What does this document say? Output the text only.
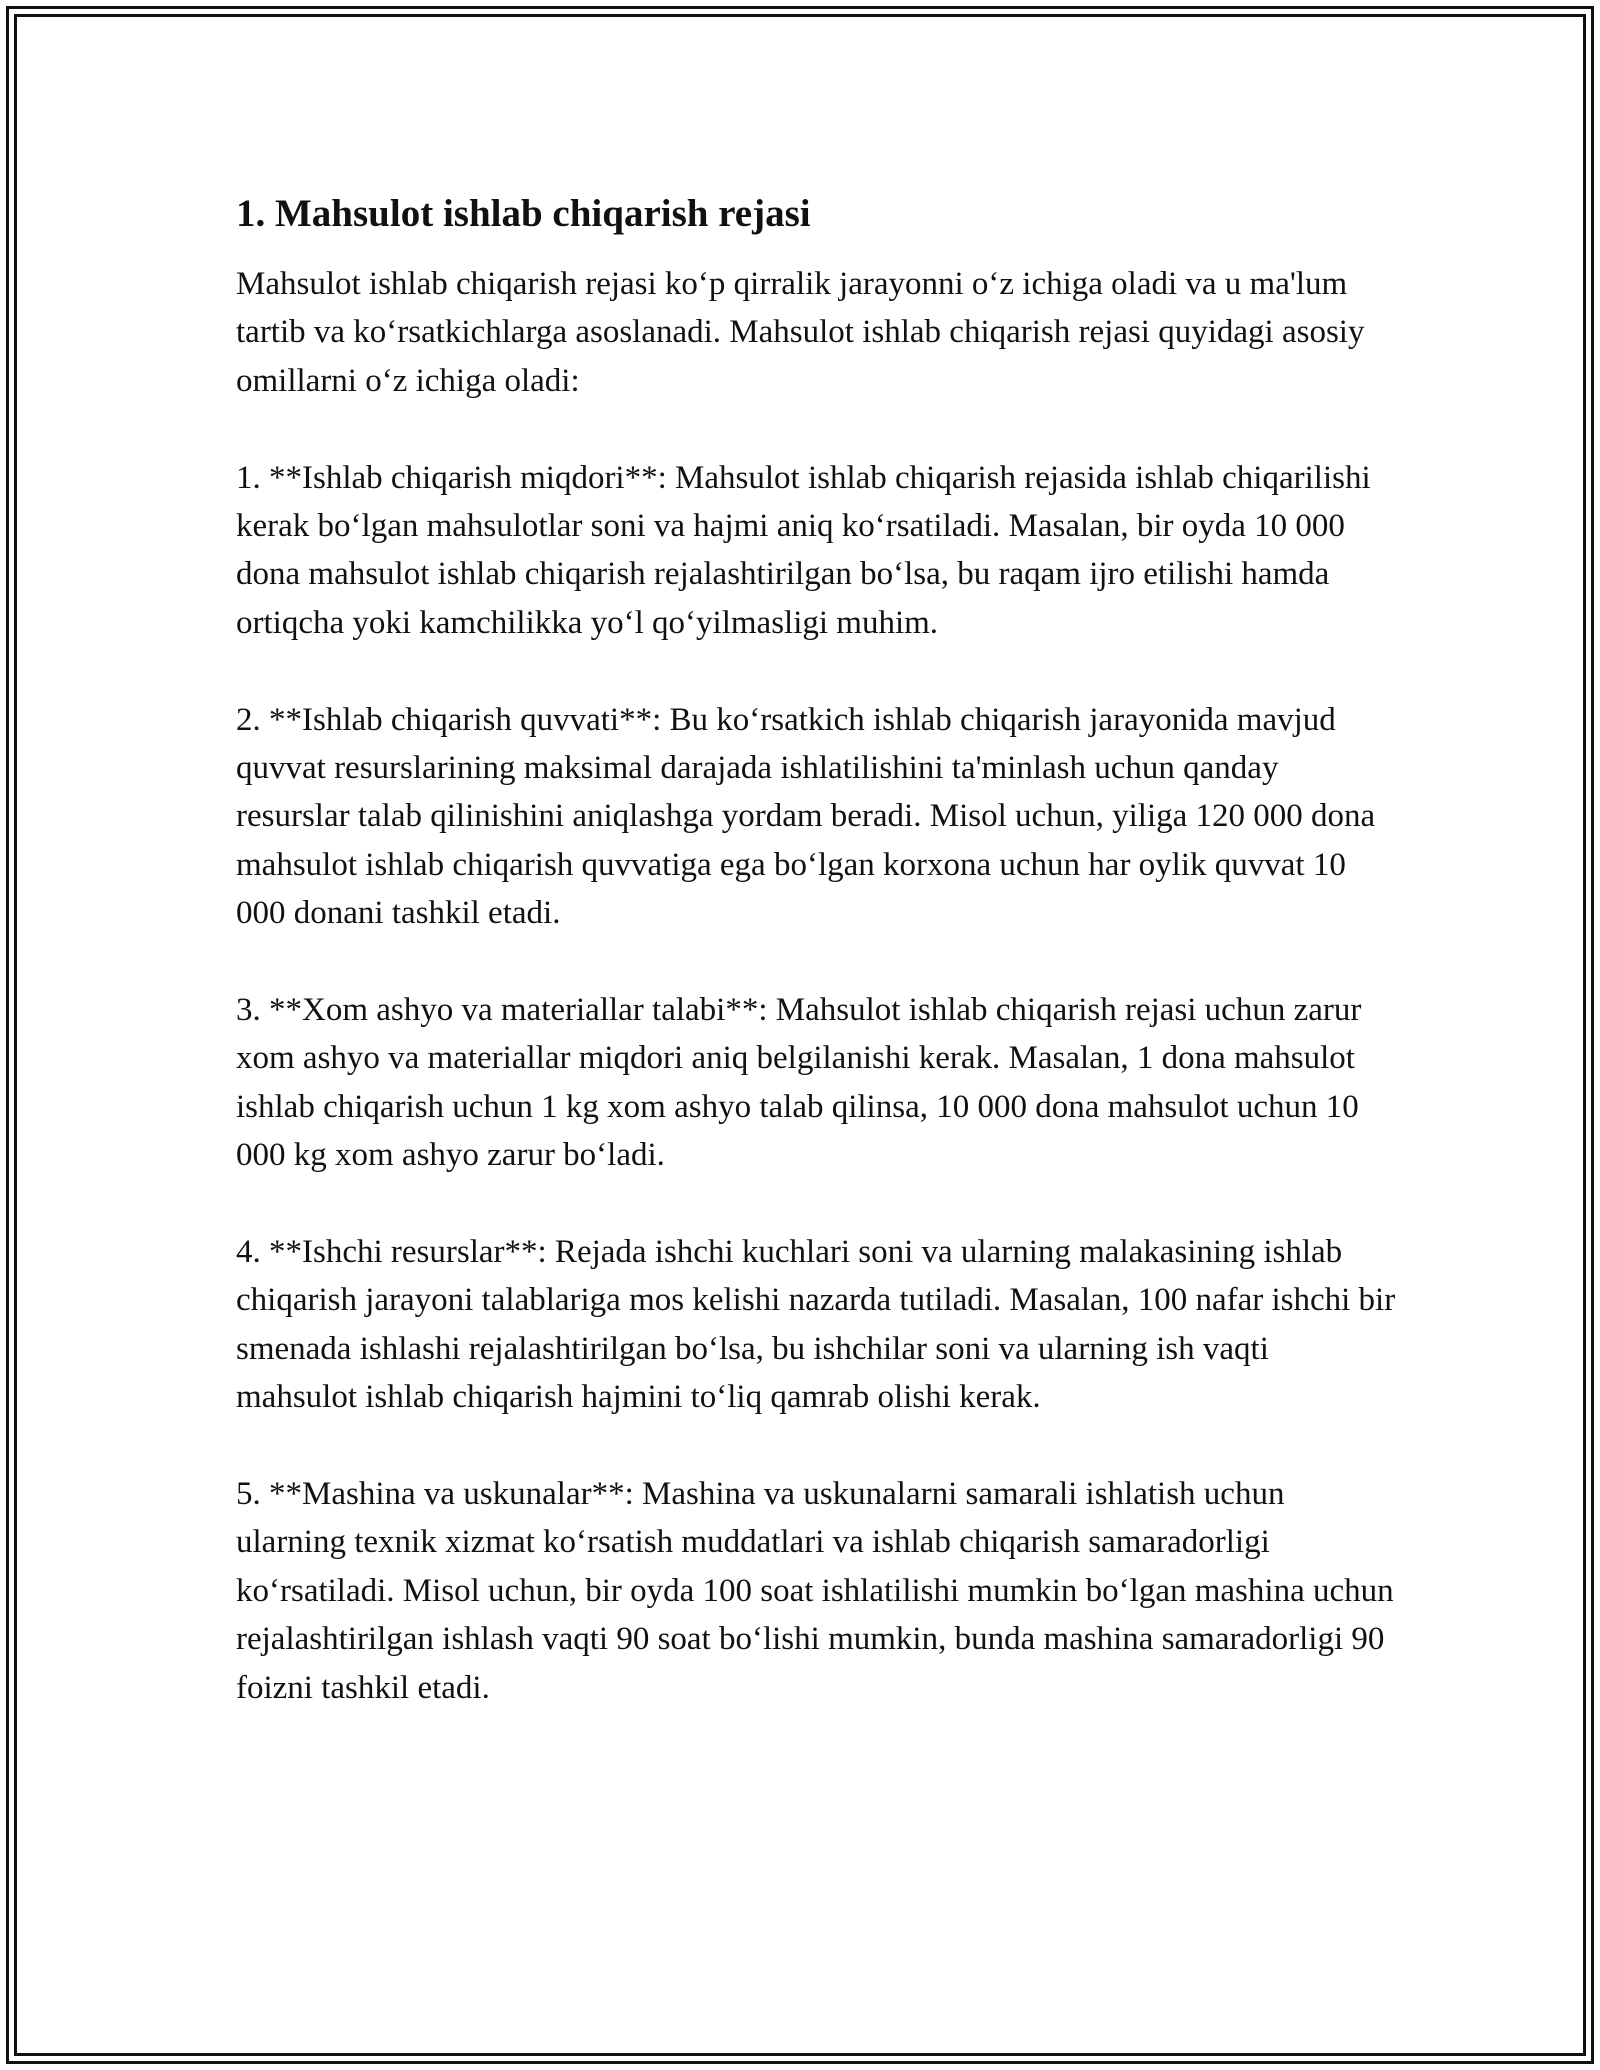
1. Mahsulot ishlab chiqarish rejasi

Mahsulot ishlab chiqarish rejasi ko‘p qirralik jarayonni o‘z ichiga oladi va u ma'lum tartib va ko‘rsatkichlarga asoslanadi. Mahsulot ishlab chiqarish rejasi quyidagi asosiy omillarni o‘z ichiga oladi:

1. **Ishlab chiqarish miqdori**: Mahsulot ishlab chiqarish rejasida ishlab chiqarilishi kerak bo‘lgan mahsulotlar soni va hajmi aniq ko‘rsatiladi. Masalan, bir oyda 10 000 dona mahsulot ishlab chiqarish rejalashtirilgan bo‘lsa, bu raqam ijro etilishi hamda ortiqcha yoki kamchilikka yo‘l qo‘yilmasligi muhim.

2. **Ishlab chiqarish quvvati**: Bu ko‘rsatkich ishlab chiqarish jarayonida mavjud quvvat resurslarining maksimal darajada ishlatilishini ta'minlash uchun qanday resurslar talab qilinishini aniqlashga yordam beradi. Misol uchun, yiliga 120 000 dona mahsulot ishlab chiqarish quvvatiga ega bo‘lgan korxona uchun har oylik quvvat 10 000 donani tashkil etadi.

3. **Xom ashyo va materiallar talabi**: Mahsulot ishlab chiqarish rejasi uchun zarur xom ashyo va materiallar miqdori aniq belgilanishi kerak. Masalan, 1 dona mahsulot ishlab chiqarish uchun 1 kg xom ashyo talab qilinsa, 10 000 dona mahsulot uchun 10 000 kg xom ashyo zarur bo‘ladi.

4. **Ishchi resurslar**: Rejada ishchi kuchlari soni va ularning malakasining ishlab chiqarish jarayoni talablariga mos kelishi nazarda tutiladi. Masalan, 100 nafar ishchi bir smenada ishlashi rejalashtirilgan bo‘lsa, bu ishchilar soni va ularning ish vaqti mahsulot ishlab chiqarish hajmini to‘liq qamrab olishi kerak.

5. **Mashina va uskunalar**: Mashina va uskunalarni samarali ishlatish uchun ularning texnik xizmat ko‘rsatish muddatlari va ishlab chiqarish samaradorligi ko‘rsatiladi. Misol uchun, bir oyda 100 soat ishlatilishi mumkin bo‘lgan mashina uchun rejalashtirilgan ishlash vaqti 90 soat bo‘lishi mumkin, bunda mashina samaradorligi 90 foizni tashkil etadi.
